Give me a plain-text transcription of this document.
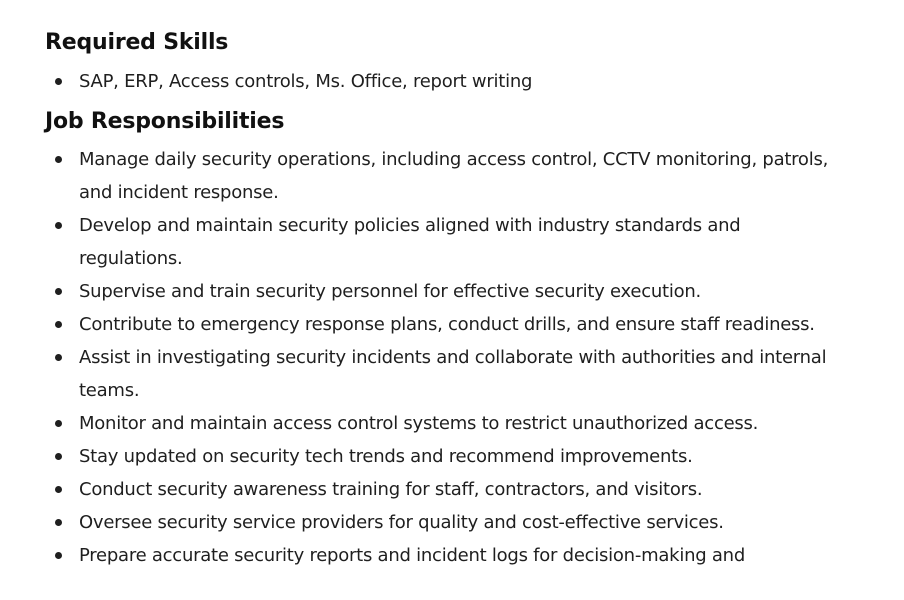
Required Skills
SAP, ERP, Access controls, Ms. Office, report writing
Job Responsibilities
Manage daily security operations, including access control, CCTV monitoring, patrols, and incident response.
Develop and maintain security policies aligned with industry standards and regulations.
Supervise and train security personnel for effective security execution.
Contribute to emergency response plans, conduct drills, and ensure staff readiness.
Assist in investigating security incidents and collaborate with authorities and internal teams.
Monitor and maintain access control systems to restrict unauthorized access.
Stay updated on security tech trends and recommend improvements.
Conduct security awareness training for staff, contractors, and visitors.
Oversee security service providers for quality and cost-effective services.
Prepare accurate security reports and incident logs for decision-making and
